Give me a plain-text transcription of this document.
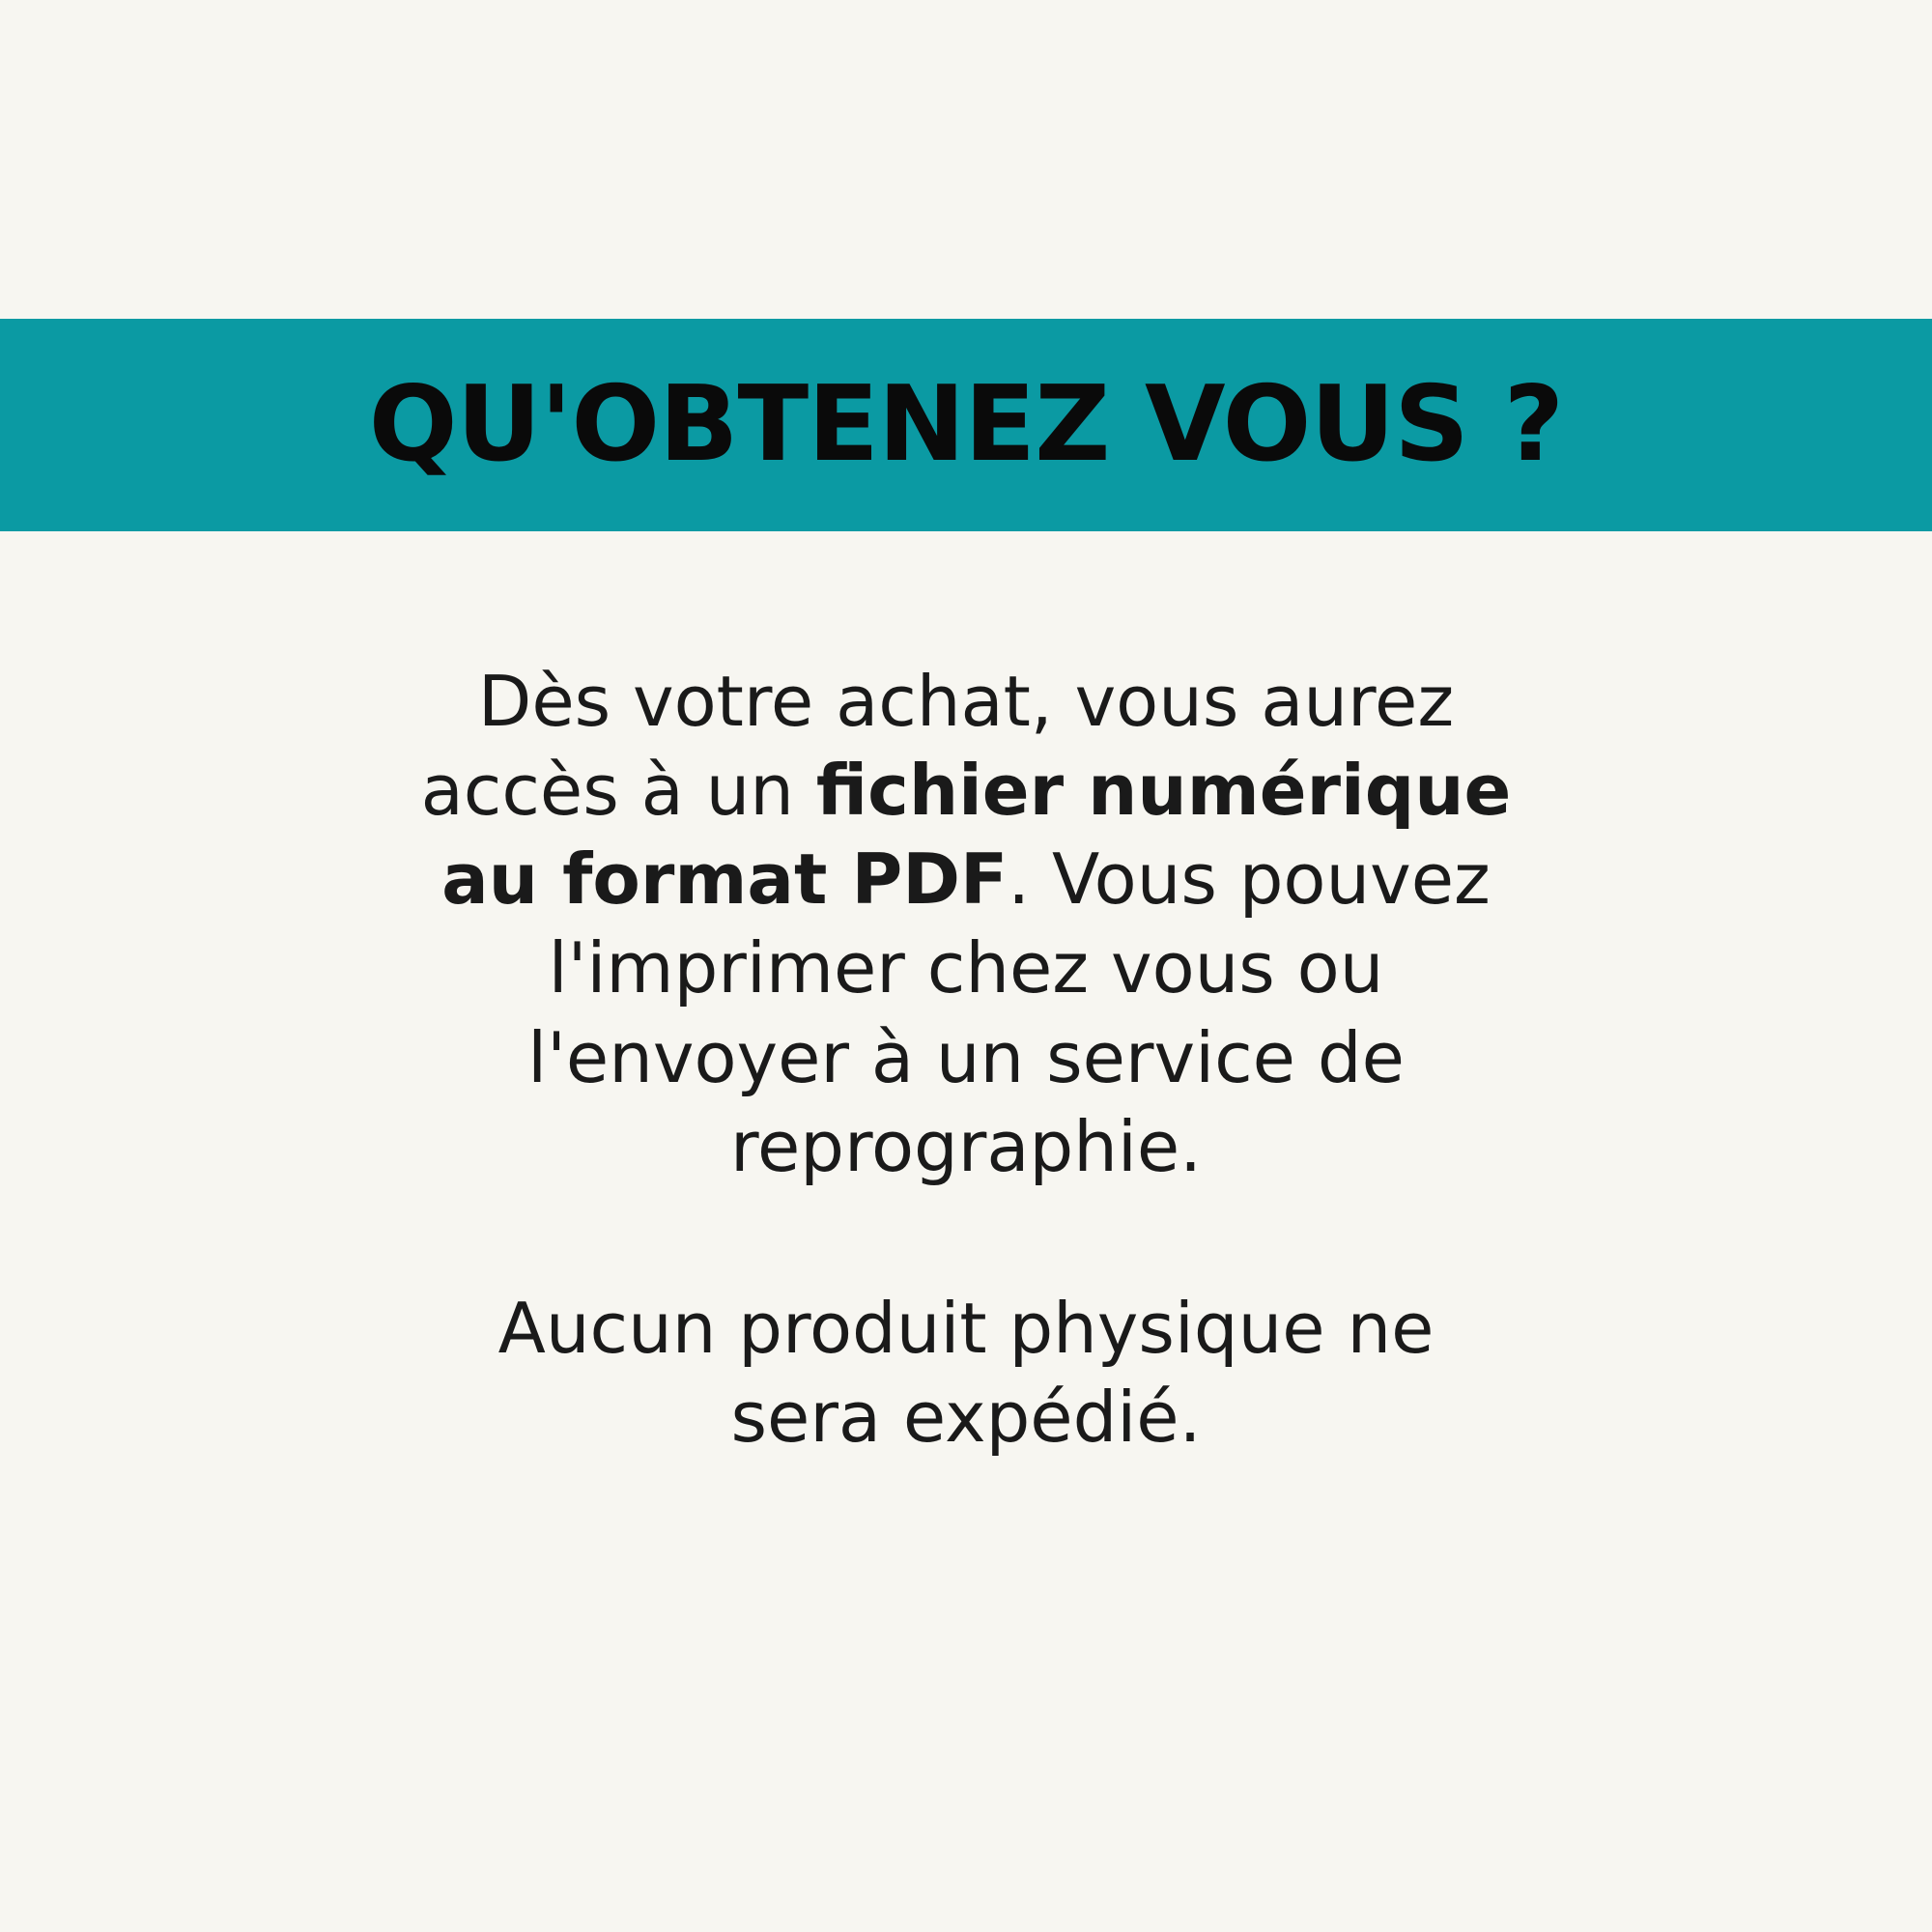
QU'OBTENEZ VOUS ?

Dès votre achat, vous aurez accès à un fichier numérique au format PDF. Vous pouvez l'imprimer chez vous ou l'envoyer à un service de reprographie.

Aucun produit physique ne sera expédié.
